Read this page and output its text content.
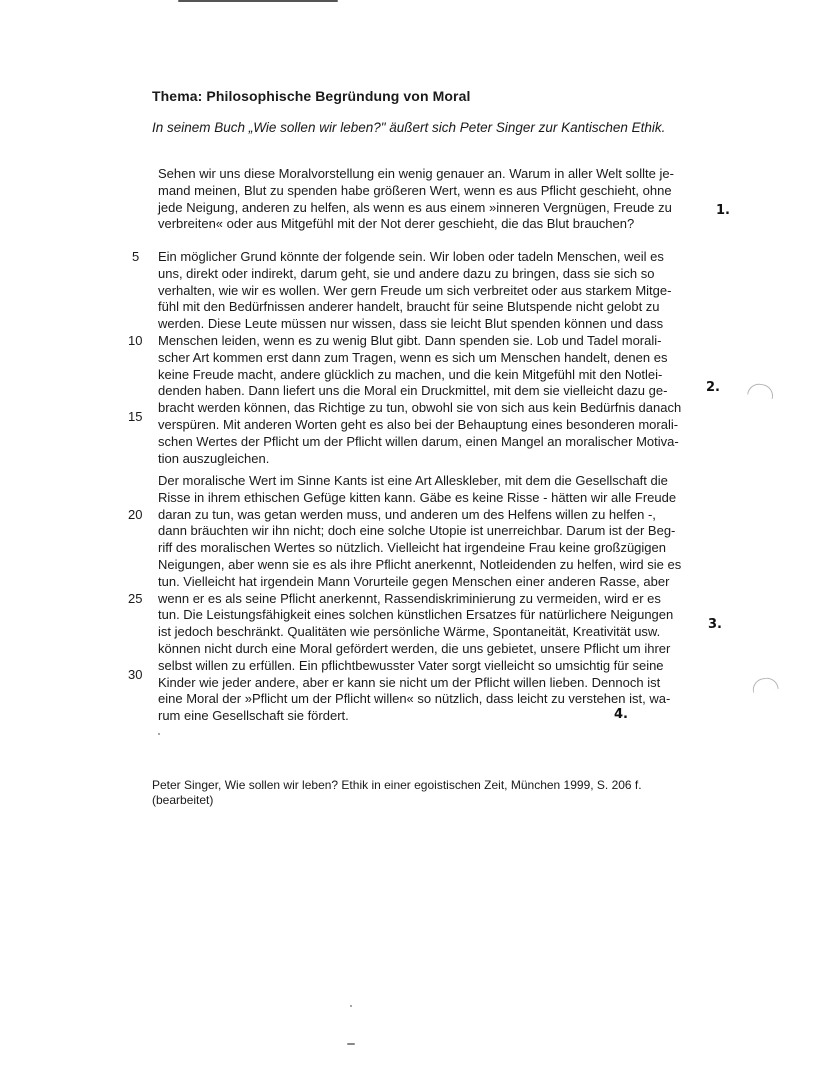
Thema: Philosophische Begründung von Moral

In seinem Buch „Wie sollen wir leben?" äußert sich Peter Singer zur Kantischen Ethik.

Sehen wir uns diese Moralvorstellung ein wenig genauer an. Warum in aller Welt sollte je-
mand meinen, Blut zu spenden habe größeren Wert, wenn es aus Pflicht geschieht, ohne
jede Neigung, anderen zu helfen, als wenn es aus einem »inneren Vergnügen, Freude zu
verbreiten« oder aus Mitgefühl mit der Not derer geschieht, die das Blut brauchen?
Ein möglicher Grund könnte der folgende sein. Wir loben oder tadeln Menschen, weil es
uns, direkt oder indirekt, darum geht, sie und andere dazu zu bringen, dass sie sich so
verhalten, wie wir es wollen. Wer gern Freude um sich verbreitet oder aus starkem Mitge-
fühl mit den Bedürfnissen anderer handelt, braucht für seine Blutspende nicht gelobt zu
werden. Diese Leute müssen nur wissen, dass sie leicht Blut spenden können und dass
Menschen leiden, wenn es zu wenig Blut gibt. Dann spenden sie. Lob und Tadel morali-
scher Art kommen erst dann zum Tragen, wenn es sich um Menschen handelt, denen es
keine Freude macht, andere glücklich zu machen, und die kein Mitgefühl mit den Notlei-
denden haben. Dann liefert uns die Moral ein Druckmittel, mit dem sie vielleicht dazu ge-
bracht werden können, das Richtige zu tun, obwohl sie von sich aus kein Bedürfnis danach
verspüren. Mit anderen Worten geht es also bei der Behauptung eines besonderen morali-
schen Wertes der Pflicht um der Pflicht willen darum, einen Mangel an moralischer Motiva-
tion auszugleichen.
Der moralische Wert im Sinne Kants ist eine Art Alleskleber, mit dem die Gesellschaft die
Risse in ihrem ethischen Gefüge kitten kann. Gäbe es keine Risse - hätten wir alle Freude
daran zu tun, was getan werden muss, und anderen um des Helfens willen zu helfen -,
dann bräuchten wir ihn nicht; doch eine solche Utopie ist unerreichbar. Darum ist der Beg-
riff des moralischen Wertes so nützlich. Vielleicht hat irgendeine Frau keine großzügigen
Neigungen, aber wenn sie es als ihre Pflicht anerkennt, Notleidenden zu helfen, wird sie es
tun. Vielleicht hat irgendein Mann Vorurteile gegen Menschen einer anderen Rasse, aber
wenn er es als seine Pflicht anerkennt, Rassendiskriminierung zu vermeiden, wird er es
tun. Die Leistungsfähigkeit eines solchen künstlichen Ersatzes für natürlichere Neigungen
ist jedoch beschränkt. Qualitäten wie persönliche Wärme, Spontaneität, Kreativität usw.
können nicht durch eine Moral gefördert werden, die uns gebietet, unsere Pflicht um ihrer
selbst willen zu erfüllen. Ein pflichtbewusster Vater sorgt vielleicht so umsichtig für seine
Kinder wie jeder andere, aber er kann sie nicht um der Pflicht willen lieben. Dennoch ist
eine Moral der »Pflicht um der Pflicht willen« so nützlich, dass leicht zu verstehen ist, wa-
rum eine Gesellschaft sie fördert.
5
10
15
20
25
30
1.
2.
3.
4.

Peter Singer, Wie sollen wir leben? Ethik in einer egoistischen Zeit, München 1999, S. 206 f.
(bearbeitet)
